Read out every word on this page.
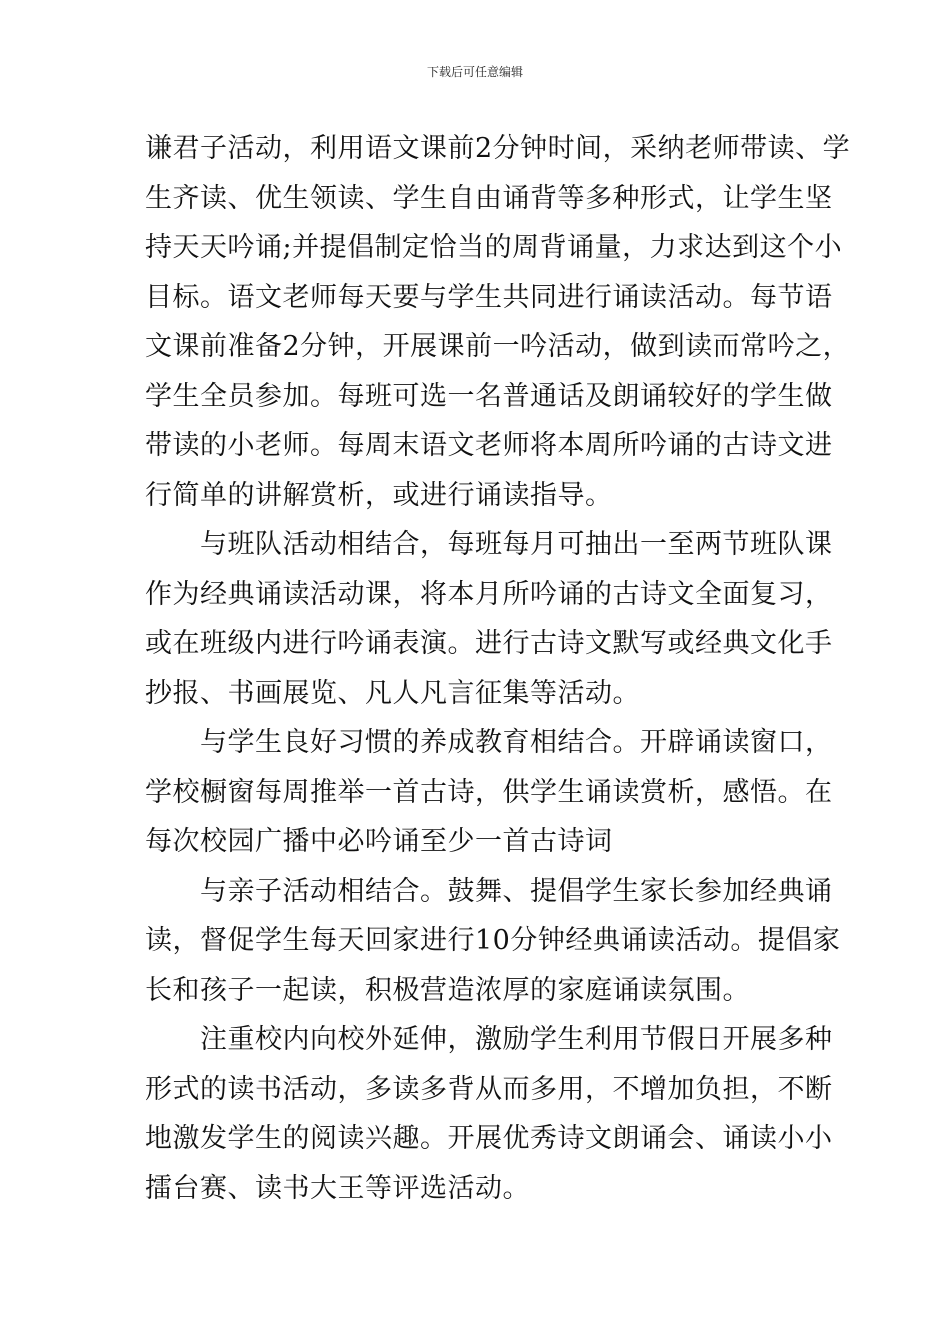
下载后可任意编辑

谦君子活动，利用语文课前2分钟时间，采纳老师带读、学
生齐读、优生领读、学生自由诵背等多种形式，让学生坚
持天天吟诵;并提倡制定恰当的周背诵量，力求达到这个小
目标。语文老师每天要与学生共同进行诵读活动。每节语
文课前准备2分钟，开展课前一吟活动，做到读而常吟之，
学生全员参加。每班可选一名普通话及朗诵较好的学生做
带读的小老师。每周末语文老师将本周所吟诵的古诗文进
行简单的讲解赏析，或进行诵读指导。

与班队活动相结合，每班每月可抽出一至两节班队课
作为经典诵读活动课，将本月所吟诵的古诗文全面复习，
或在班级内进行吟诵表演。进行古诗文默写或经典文化手
抄报、书画展览、凡人凡言征集等活动。

与学生良好习惯的养成教育相结合。开辟诵读窗口，
学校橱窗每周推举一首古诗，供学生诵读赏析，感悟。在
每次校园广播中必吟诵至少一首古诗词

与亲子活动相结合。鼓舞、提倡学生家长参加经典诵
读，督促学生每天回家进行10分钟经典诵读活动。提倡家
长和孩子一起读，积极营造浓厚的家庭诵读氛围。

注重校内向校外延伸，激励学生利用节假日开展多种
形式的读书活动，多读多背从而多用，不增加负担，不断
地激发学生的阅读兴趣。开展优秀诗文朗诵会、诵读小小
擂台赛、读书大王等评选活动。
